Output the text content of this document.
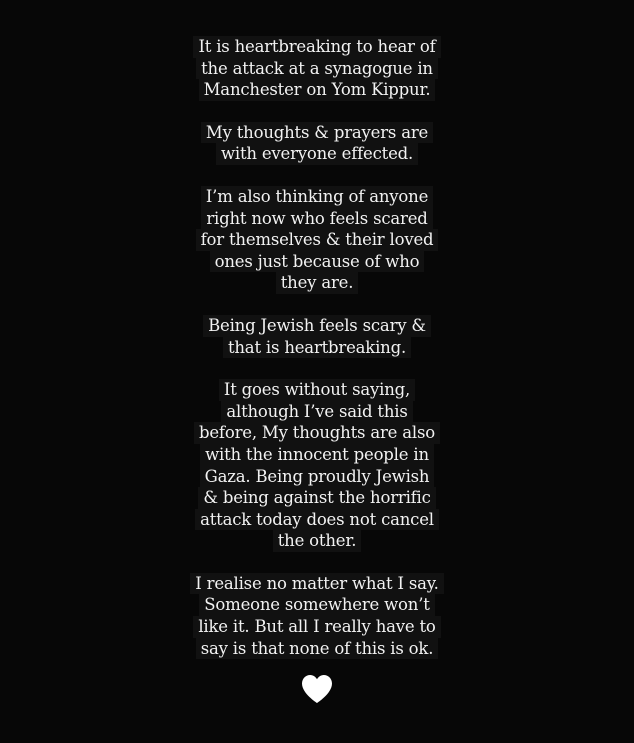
It is heartbreaking to hear of
the attack at a synagogue in
Manchester on Yom Kippur.
My thoughts & prayers are
with everyone effected.
I’m also thinking of anyone
right now who feels scared
for themselves & their loved
ones just because of who
they are.
Being Jewish feels scary &
that is heartbreaking.
It goes without saying,
although I’ve said this
before, My thoughts are also
with the innocent people in
Gaza. Being proudly Jewish
& being against the horrific
attack today does not cancel
the other.
I realise no matter what I say.
Someone somewhere won’t
like it. But all I really have to
say is that none of this is ok.
